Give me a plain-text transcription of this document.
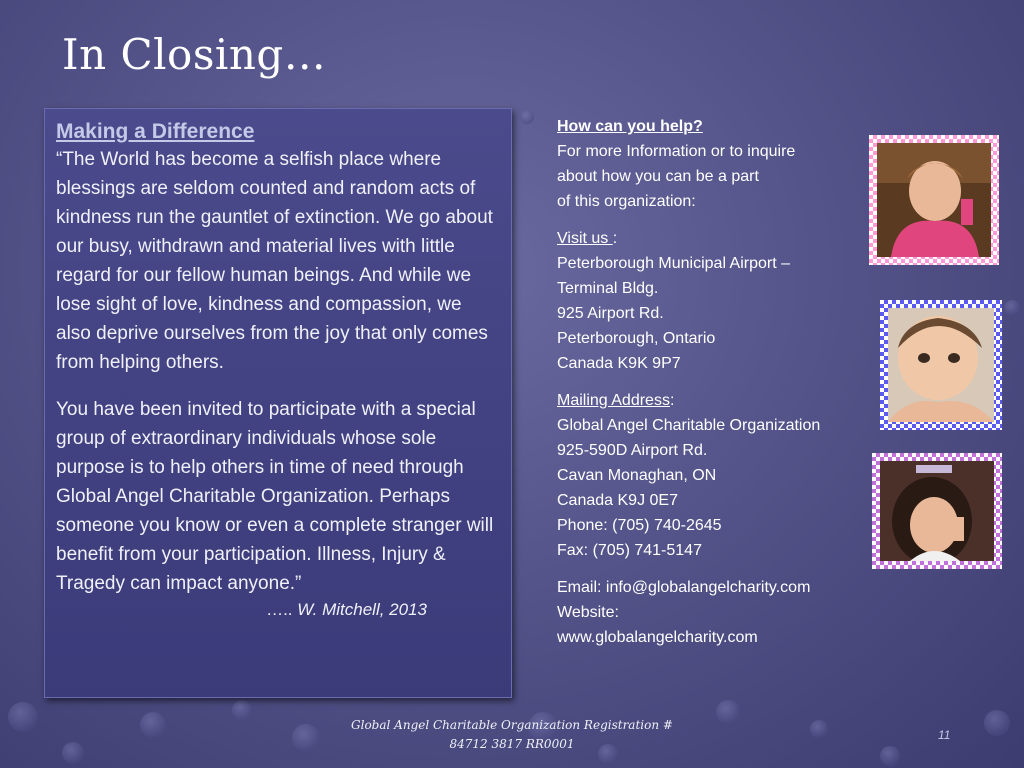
In Closing…

Making a Difference

“The World has become a selfish place where blessings are seldom counted and random acts of kindness run the gauntlet of extinction. We go about our busy, withdrawn and material lives with little regard for our fellow human beings. And while we lose sight of love, kindness and compassion, we also deprive ourselves from the joy that only comes from helping others.

You have been invited to participate with a special group of extraordinary individuals whose sole purpose is to help others in time of need through Global Angel Charitable Organization. Perhaps someone you know or even a complete stranger will benefit from your participation. Illness, Injury & Tragedy can impact anyone.”

….. W. Mitchell, 2013
How can you help?
For more Information or to inquire
about how you can be a part
of this organization:
Visit us :
Peterborough Municipal Airport –
Terminal Bldg.
925 Airport Rd.
Peterborough, Ontario
Canada K9K 9P7
Mailing Address:
Global Angel Charitable Organization
925-590D Airport Rd.
Cavan Monaghan, ON
Canada K9J 0E7
Phone: (705) 740-2645
Fax: (705) 741-5147
Email: info@globalangelcharity.com
Website:
www.globalangelcharity.com
Global Angel Charitable Organization Registration #
84712 3817 RR0001
11
